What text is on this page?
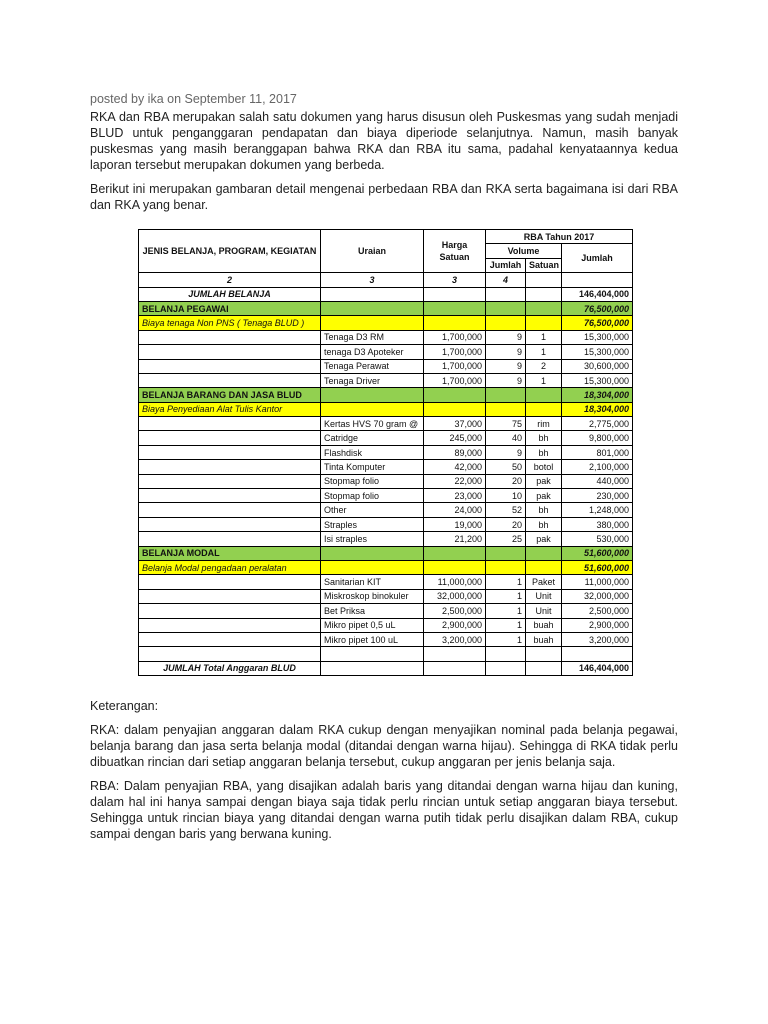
posted by ika on September 11, 2017

RKA dan RBA merupakan salah satu dokumen yang harus disusun oleh Puskesmas yang sudah menjadi BLUD untuk penganggaran pendapatan dan biaya diperiode selanjutnya. Namun, masih banyak puskesmas yang masih beranggapan bahwa RKA dan RBA itu sama, padahal kenyataannya kedua laporan tersebut merupakan dokumen yang berbeda.

Berikut ini merupakan gambaran detail mengenai perbedaan RBA dan RKA serta bagaimana isi dari RBA dan RKA yang benar.

JENIS BELANJA, PROGRAM, KEGIATAN	Uraian	Harga Satuan	RBA Tahun 2017		
			Volume		Jumlah
			Jumlah	Satuan	
2	3	3	4		
JUMLAH BELANJA					146,404,000
BELANJA PEGAWAI					76,500,000
Biaya tenaga Non PNS ( Tenaga BLUD )					76,500,000
	Tenaga D3 RM	1,700,000	9	1	15,300,000
	tenaga D3 Apoteker	1,700,000	9	1	15,300,000
	Tenaga Perawat	1,700,000	9	2	30,600,000
	Tenaga Driver	1,700,000	9	1	15,300,000
BELANJA BARANG DAN JASA BLUD					18,304,000
Biaya Penyediaan Alat Tulis Kantor					18,304,000
	Kertas HVS 70 gram @	37,000	75	rim	2,775,000
	Catridge	245,000	40	bh	9,800,000
	Flashdisk	89,000	9	bh	801,000
	Tinta Komputer	42,000	50	botol	2,100,000
	Stopmap folio	22,000	20	pak	440,000
	Stopmap folio	23,000	10	pak	230,000
	Other	24,000	52	bh	1,248,000
	Straples	19,000	20	bh	380,000
	Isi straples	21,200	25	pak	530,000
BELANJA MODAL					51,600,000
Belanja Modal pengadaan peralatan					51,600,000
	Sanitarian KIT	11,000,000	1	Paket	11,000,000
	Miskroskop binokuler	32,000,000	1	Unit	32,000,000
	Bet Priksa	2,500,000	1	Unit	2,500,000
	Mikro pipet 0,5 uL	2,900,000	1	buah	2,900,000
	Mikro pipet 100 uL	3,200,000	1	buah	3,200,000

JUMLAH Total Anggaran BLUD					146,404,000

Keterangan:

RKA: dalam penyajian anggaran dalam RKA cukup dengan menyajikan nominal pada belanja pegawai, belanja barang dan jasa serta belanja modal (ditandai dengan warna hijau). Sehingga di RKA tidak perlu dibuatkan rincian dari setiap anggaran belanja tersebut, cukup anggaran per jenis belanja saja.

RBA: Dalam penyajian RBA, yang disajikan adalah baris yang ditandai dengan warna hijau dan kuning, dalam hal ini hanya sampai dengan biaya saja tidak perlu rincian untuk setiap anggaran biaya tersebut. Sehingga untuk rincian biaya yang ditandai dengan warna putih tidak perlu disajikan dalam RBA, cukup sampai dengan baris yang berwana kuning.
